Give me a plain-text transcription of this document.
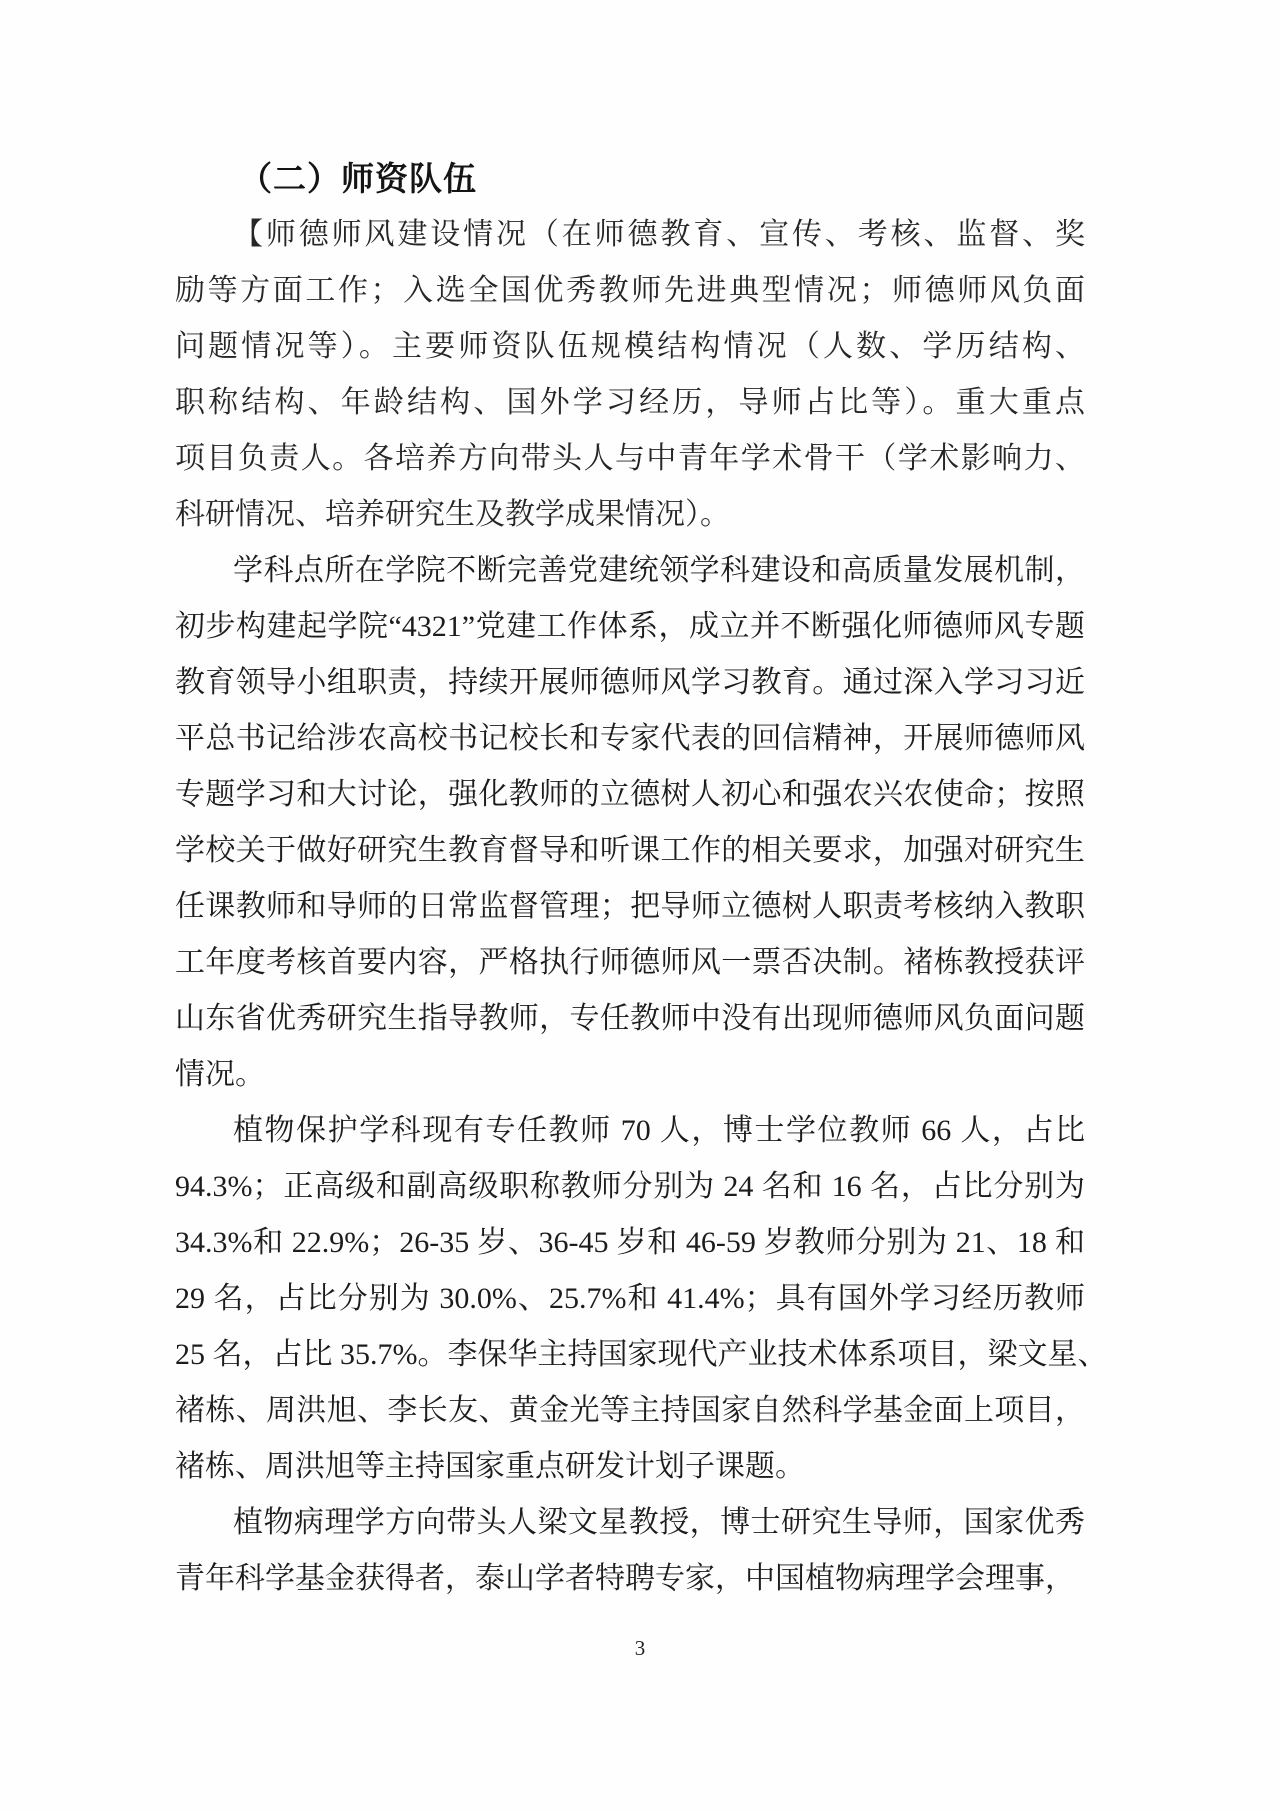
（二）师资队伍
【师德师风建设情况（在师德教育、宣传、考核、监督、奖
励等方面工作；入选全国优秀教师先进典型情况；师德师风负面
问题情况等）。主要师资队伍规模结构情况（人数、学历结构、
职称结构、年龄结构、国外学习经历，导师占比等）。重大重点
项目负责人。各培养方向带头人与中青年学术骨干（学术影响力、
科研情况、培养研究生及教学成果情况）。
学科点所在学院不断完善党建统领学科建设和高质量发展机制，
初步构建起学院“4321”党建工作体系，成立并不断强化师德师风专题
教育领导小组职责，持续开展师德师风学习教育。通过深入学习习近
平总书记给涉农高校书记校长和专家代表的回信精神，开展师德师风
专题学习和大讨论，强化教师的立德树人初心和强农兴农使命；按照
学校关于做好研究生教育督导和听课工作的相关要求，加强对研究生
任课教师和导师的日常监督管理；把导师立德树人职责考核纳入教职
工年度考核首要内容，严格执行师德师风一票否决制。褚栋教授获评
山东省优秀研究生指导教师，专任教师中没有出现师德师风负面问题
情况。
植物保护学科现有专任教师 70 人，博士学位教师 66 人，占比
94.3%；正高级和副高级职称教师分别为 24 名和 16 名，占比分别为
34.3%和 22.9%；26-35 岁、36-45 岁和 46-59 岁教师分别为 21、18 和
29 名，占比分别为 30.0%、25.7%和 41.4%；具有国外学习经历教师
25 名，占比 35.7%。李保华主持国家现代产业技术体系项目，梁文星、
褚栋、周洪旭、李长友、黄金光等主持国家自然科学基金面上项目，
褚栋、周洪旭等主持国家重点研发计划子课题。
植物病理学方向带头人梁文星教授，博士研究生导师，国家优秀
青年科学基金获得者，泰山学者特聘专家，中国植物病理学会理事，
3
